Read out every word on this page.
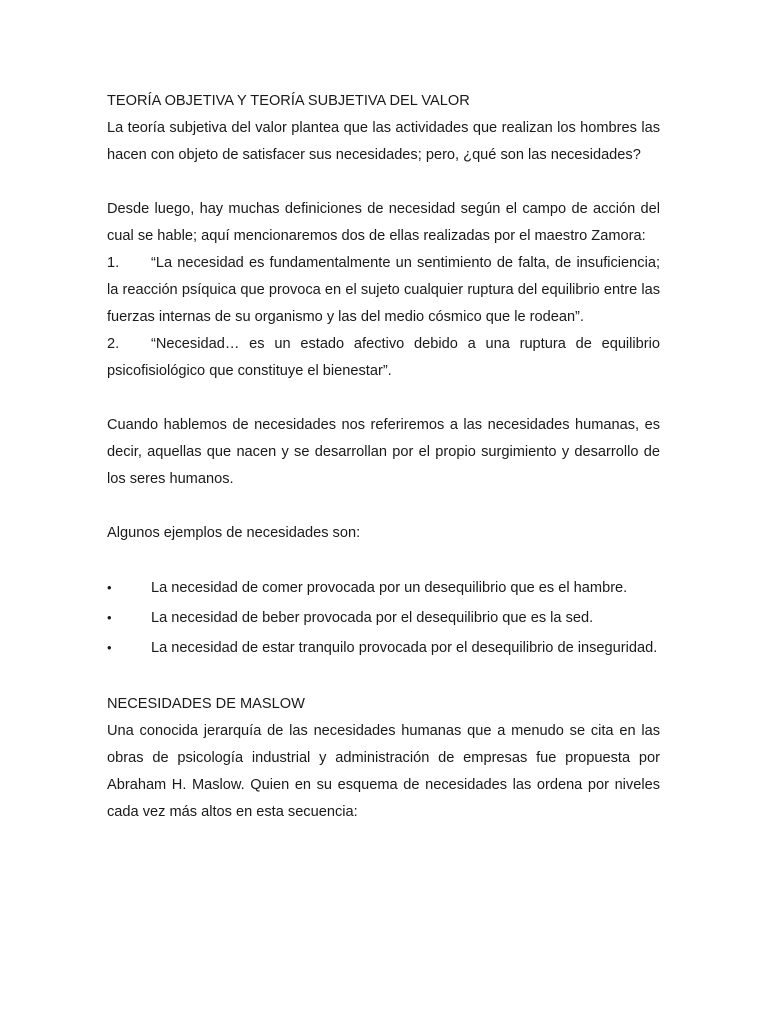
TEORÍA OBJETIVA Y TEORÍA SUBJETIVA DEL VALOR

La teoría subjetiva del valor plantea que las actividades que realizan los hombres las hacen con objeto de satisfacer sus necesidades; pero, ¿qué son las necesidades?

Desde luego, hay muchas definiciones de necesidad según el campo de acción del cual se hable; aquí mencionaremos dos de ellas realizadas por el maestro Zamora:

1. “La necesidad es fundamentalmente un sentimiento de falta, de insuficiencia; la reacción psíquica que provoca en el sujeto cualquier ruptura del equilibrio entre las fuerzas internas de su organismo y las del medio cósmico que le rodean”.

2. “Necesidad… es un estado afectivo debido a una ruptura de equilibrio psicofisiológico que constituye el bienestar”.

Cuando hablemos de necesidades nos referiremos a las necesidades humanas, es decir, aquellas que nacen y se desarrollan por el propio surgimiento y desarrollo de los seres humanos.

Algunos ejemplos de necesidades son:

•	La necesidad de comer provocada por un desequilibrio que es el hambre.

•	La necesidad de beber provocada por el desequilibrio que es la sed.

•	La necesidad de estar tranquilo provocada por el desequilibrio de inseguridad.

NECESIDADES DE MASLOW

Una conocida jerarquía de las necesidades humanas que a menudo se cita en las obras de psicología industrial y administración de empresas fue propuesta por Abraham H. Maslow. Quien en su esquema de necesidades las ordena por niveles cada vez más altos en esta secuencia:
